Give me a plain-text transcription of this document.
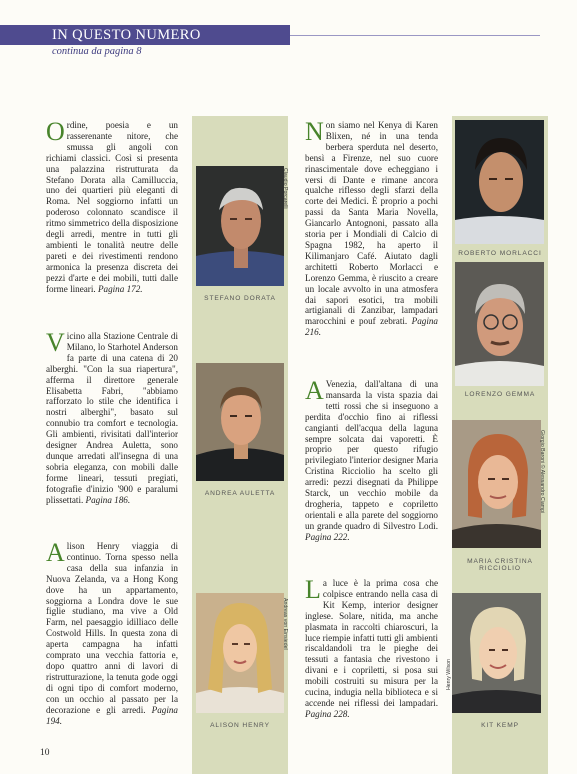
IN QUESTO NUMERO
continua da pagina 8
Ordine, poesia e un rasserenante nitore, che smussa gli angoli con richiami classici. Così si presenta una palazzina ristrutturata da Stefano Dorata alla Camilluccia, uno dei quartieri più eleganti di Roma. Nel soggiorno infatti un poderoso colonnato scandisce il ritmo simmetrico della disposizione degli arredi, mentre in tutti gli ambienti le tonalità neutre delle pareti e dei rivestimenti rendono armonica la presenza discreta dei pezzi d'arte e dei mobili, tutti dalle forme lineari. Pagina 172.
Vicino alla Stazione Centrale di Milano, lo Starhotel Anderson fa parte di una catena di 20 alberghi. "Con la sua riapertura", afferma il direttore generale Elisabetta Fabri, "abbiamo rafforzato lo stile che identifica i nostri alberghi", basato sul connubio tra comfort e tecnologia. Gli ambienti, rivisitati dall'interior designer Andrea Auletta, sono dunque arredati all'insegna di una sobria eleganza, con mobili dalle forme lineari, tessuti pregiati, fotografie d'inizio '900 e paralumi plissettati. Pagina 186.
Alison Henry viaggia di continuo. Torna spesso nella casa della sua infanzia in Nuova Zelanda, va a Hong Kong dove ha un appartamento, soggiorna a Londra dove le sue figlie studiano, ma vive a Old Farm, nel paesaggio idilliaco delle Costwold Hills. In questa zona di aperta campagna ha infatti comprato una vecchia fattoria e, dopo quattro anni di lavori di ristrutturazione, la tenuta gode oggi di ogni tipo di comfort moderno, con un occhio al passato per la decorazione e gli arredi. Pagina 194.
Non siamo nel Kenya di Karen Blixen, né in una tenda berbera sperduta nel deserto, bensì a Firenze, nel suo cuore rinascimentale dove echeggiano i versi di Dante e rimane ancora qualche riflesso degli sfarzi della corte dei Medici. È proprio a pochi passi da Santa Maria Novella, Giancarlo Antognoni, passato alla storia per i Mondiali di Calcio di Spagna 1982, ha aperto il Kilimanjaro Café. Aiutato dagli architetti Roberto Morlacci e Lorenzo Gemma, è riuscito a creare un locale avvolto in una atmosfera dai sapori esotici, tra mobili artigianali di Zanzibar, lampadari marocchini e pouf zebrati. Pagina 216.
A Venezia, dall'altana di una mansarda la vista spazia dai tetti rossi che si inseguono a perdita d'occhio fino ai riflessi cangianti dell'acqua della laguna sempre solcata dai vaporetti. È proprio per questo rifugio privilegiato l'interior designer Maria Cristina Ricciolio ha scelto gli arredi: pezzi disegnati da Philippe Starck, un vecchio mobile da drogheria, tappeto e copriletto orientali e alla parete del soggiorno un grande quadro di Silvestro Lodi. Pagina 222.
La luce è la prima cosa che colpisce entrando nella casa di Kit Kemp, interior designer inglese. Solare, nitida, ma anche plasmata in raccolti chiaroscuri, la luce riempie infatti tutti gli ambienti riscaldandoli tra le pieghe dei tessuti a fantasia che rivestono i divani e i copriletti, si posa sui mobili costruiti su misura per la cucina, indugia nella biblioteca e si accende nei riflessi dei lampadari. Pagina 228.
Claudio Porcarelli
STEFANO DORATA
ANDREA AULETTA
Andreas von Einsiedel
ALISON HENRY
ROBERTO MORLACCI
LORENZO GEMMA
Giorgio Baroni © Alessandro Ciampi
MARIA CRISTINA RICCIOLIO
Henry Wilson
KIT KEMP
10
